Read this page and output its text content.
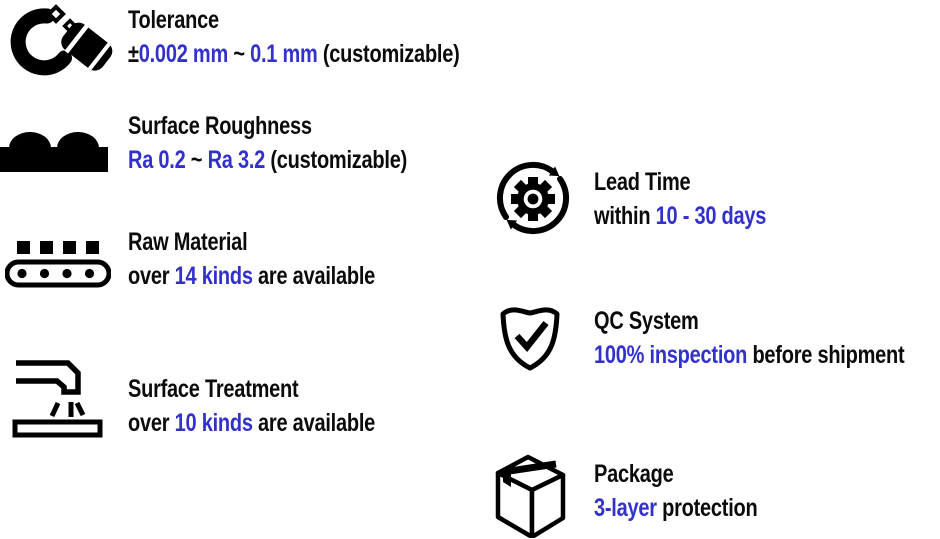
Tolerance
±0.002 mm ~ 0.1 mm (customizable)
Surface Roughness
Ra 0.2 ~ Ra 3.2 (customizable)
Raw Material
over 14 kinds are available
Surface Treatment
over 10 kinds are available
Lead Time
within 10 - 30 days
QC System
100% inspection before shipment
Package
3-layer protection
